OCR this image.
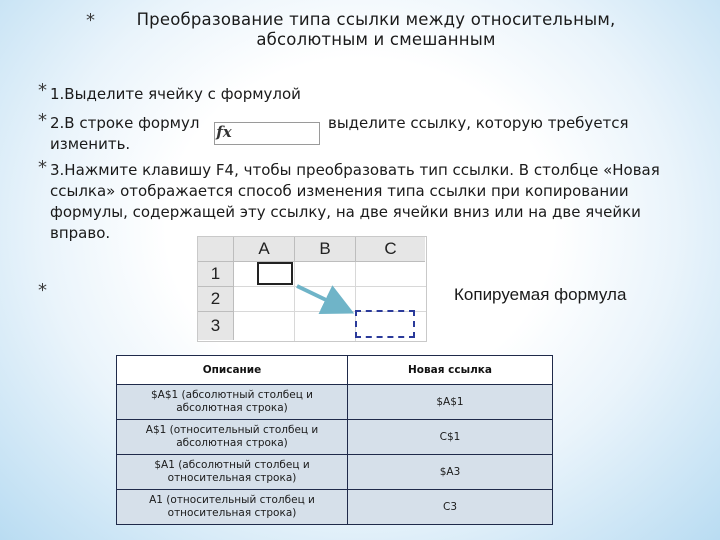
*	Преобразование типа ссылки между относительным,
абсолютным и смешанным
* 1.Выделите ячейку с формулой
* 2.В строке формул fx	выделите ссылку, которую требуется
изменить.
* 3.Нажмите клавишу F4, чтобы преобразовать тип ссылки. В столбце «Новая
ссылка» отображается способ изменения типа ссылки при копировании
формулы, содержащей эту ссылку, на две ячейки вниз или на две ячейки
вправо.
A	B	C
1
2
3
*	Копируемая формула
Описание	Новая ссылка

$A$1 (абсолютный столбец и
абсолютная строка)	$A$1

A$1 (относительный столбец и
абсолютная строка)	C$1

$A1 (абсолютный столбец и
относительная строка)	$A3

A1 (относительный столбец и
относительная строка)	C3
